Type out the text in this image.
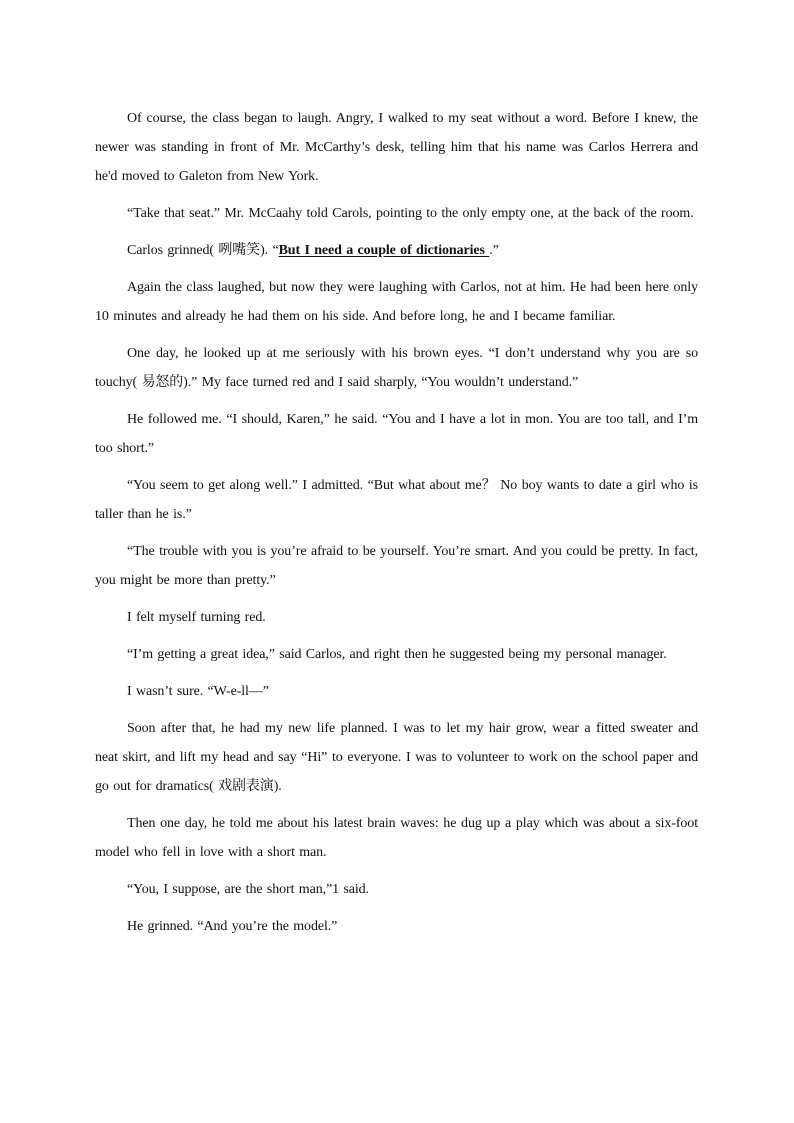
Of course, the class began to laugh. Angry, I walked to my seat without a word. Before I knew, the newer was standing in front of Mr. McCarthy’s desk, telling him that his name was Carlos Herrera and he'd moved to Galeton from New York.

“Take that seat.” Mr. McCaahy told Carols, pointing to the only empty one, at the back of the room.

Carlos grinned( 咧嘴笑). “But I need a couple of dictionaries .”

Again the class laughed, but now they were laughing with Carlos, not at him. He had been here only 10 minutes and already he had them on his side. And before long, he and I became familiar.

One day, he looked up at me seriously with his brown eyes. “I don’t understand why you are so touchy( 易怒的).” My face turned red and I said sharply, “You wouldn’t understand.”

He followed me. “I should, Karen,” he said. “You and I have a lot in mon. You are too tall, and I’m too short.”

“You seem to get along well.” I admitted. “But what about me？ No boy wants to date a girl who is taller than he is.”

“The trouble with you is you’re afraid to be yourself. You’re smart. And you could be pretty. In fact, you might be more than pretty.”

I felt myself turning red.

“I’m getting a great idea,” said Carlos, and right then he suggested being my personal manager.

I wasn’t sure. “W-e-ll—”

Soon after that, he had my new life planned. I was to let my hair grow, wear a fitted sweater and neat skirt, and lift my head and say “Hi” to everyone. I was to volunteer to work on the school paper and go out for dramatics( 戏剧表演).

Then one day, he told me about his latest brain waves: he dug up a play which was about a six-foot model who fell in love with a short man.

“You, I suppose, are the short man,”1 said.

He grinned. “And you’re the model.”
